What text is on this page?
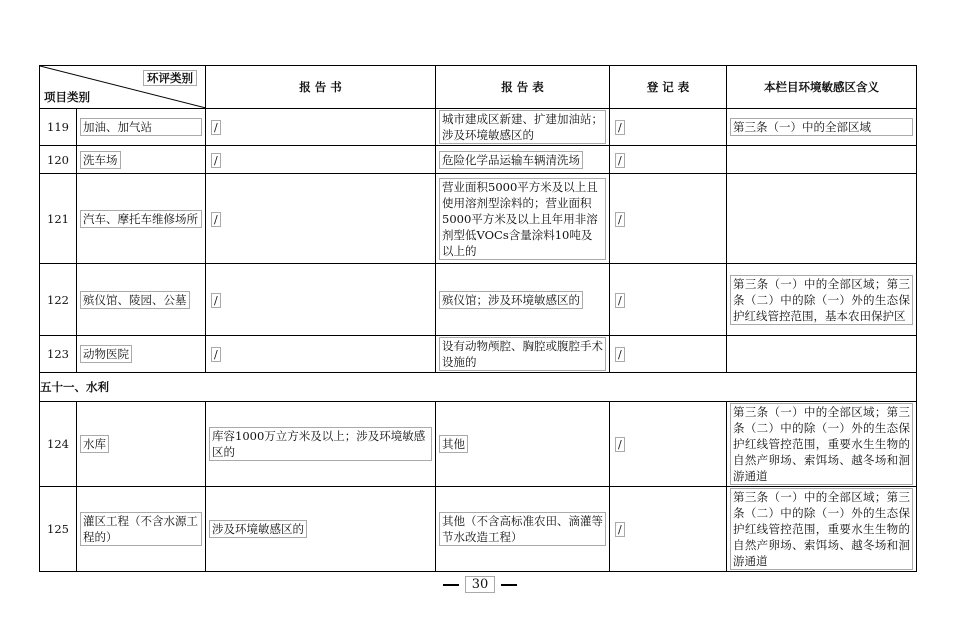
环评类别
项目类别		报 告 书	报 告 表	登 记 表	本栏目环境敏感区含义
119	加油、加气站	/	城市建成区新建、扩建加油站；涉及环境敏感区的	/	第三条（一）中的全部区域

120	洗车场	/	危险化学品运输车辆清洗场	/	
121	汽车、摩托车维修场所	/	营业面积5000平方米及以上且使用溶剂型涂料的；营业面积5000平方米及以上且年用非溶剂型低VOCs含量涂料10吨及以上的	/	
122	殡仪馆、陵园、公墓	/	殡仪馆；涉及环境敏感区的	/	第三条（一）中的全部区域；第三条（二）中的除（一）外的生态保护红线管控范围，基本农田保护区

123	动物医院	/	设有动物颅腔、胸腔或腹腔手术设施的	/	
五十一、水利					
124	水库	库容1000万立方米及以上；涉及环境敏感区的	其他	/	第三条（一）中的全部区域；第三条（二）中的除（一）外的生态保护红线管控范围，重要水生生物的自然产卵场、索饵场、越冬场和洄游通道

125	灌区工程（不含水源工程的）	涉及环境敏感区的	其他（不含高标准农田、滴灌等节水改造工程）	/	第三条（一）中的全部区域；第三条（二）中的除（一）外的生态保护红线管控范围，重要水生生物的自然产卵场、索饵场、越冬场和洄游通道
30
